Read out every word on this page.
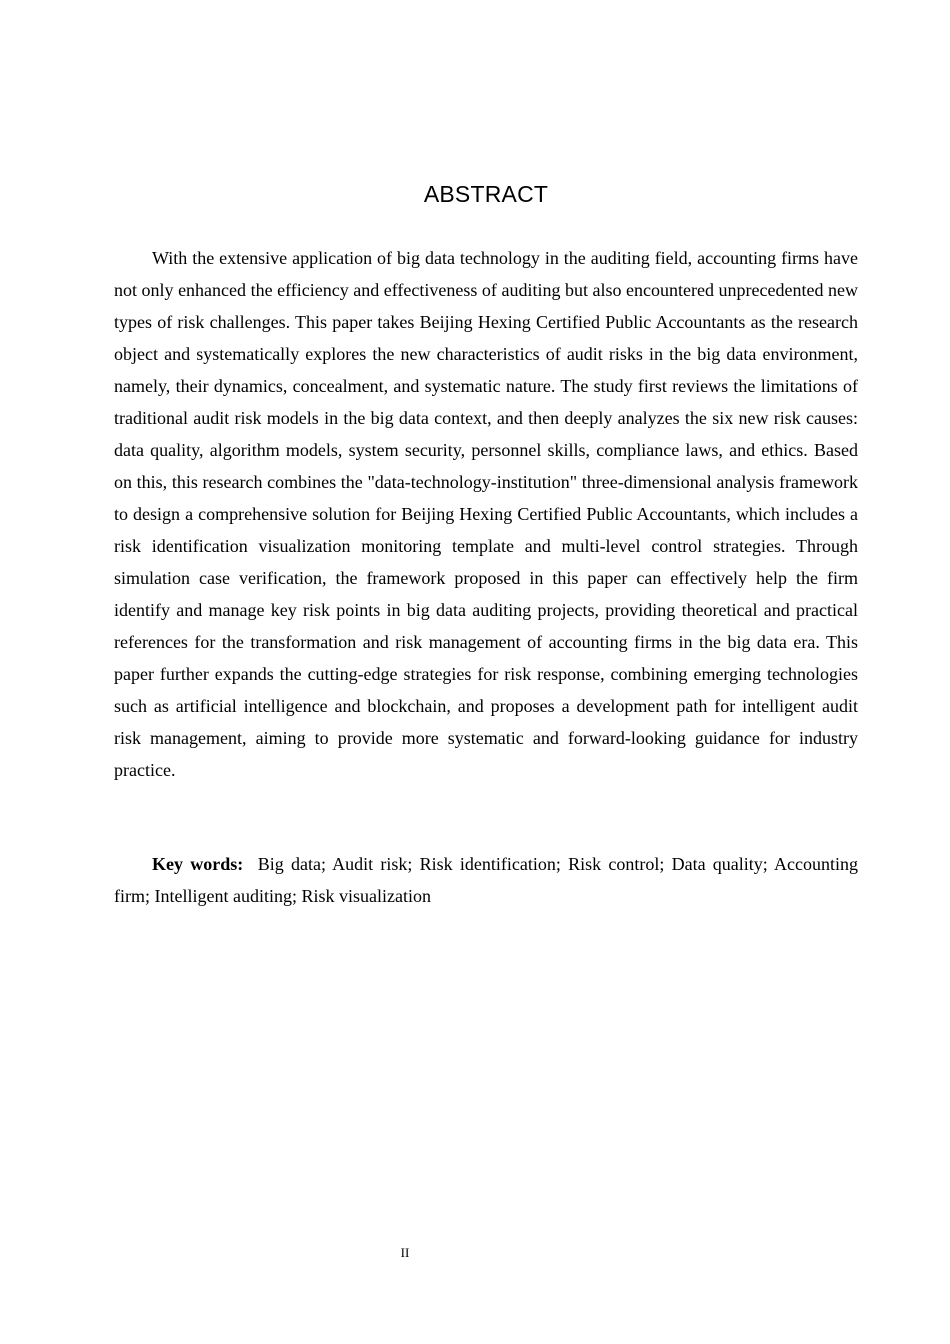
ABSTRACT

With the extensive application of big data technology in the auditing field, accounting firms have not only enhanced the efficiency and effectiveness of auditing but also encountered unprecedented new types of risk challenges. This paper takes Beijing Hexing Certified Public Accountants as the research object and systematically explores the new characteristics of audit risks in the big data environment, namely, their dynamics, concealment, and systematic nature. The study first reviews the limitations of traditional audit risk models in the big data context, and then deeply analyzes the six new risk causes: data quality, algorithm models, system security, personnel skills, compliance laws, and ethics. Based on this, this research combines the "data-technology-institution" three-dimensional analysis framework to design a comprehensive solution for Beijing Hexing Certified Public Accountants, which includes a risk identification visualization monitoring template and multi-level control strategies. Through simulation case verification, the framework proposed in this paper can effectively help the firm identify and manage key risk points in big data auditing projects, providing theoretical and practical references for the transformation and risk management of accounting firms in the big data era. This paper further expands the cutting-edge strategies for risk response, combining emerging technologies such as artificial intelligence and blockchain, and proposes a development path for intelligent audit risk management, aiming to provide more systematic and forward-looking guidance for industry practice.

Key words: Big data; Audit risk; Risk identification; Risk control; Data quality; Accounting firm; Intelligent auditing; Risk visualization

II
